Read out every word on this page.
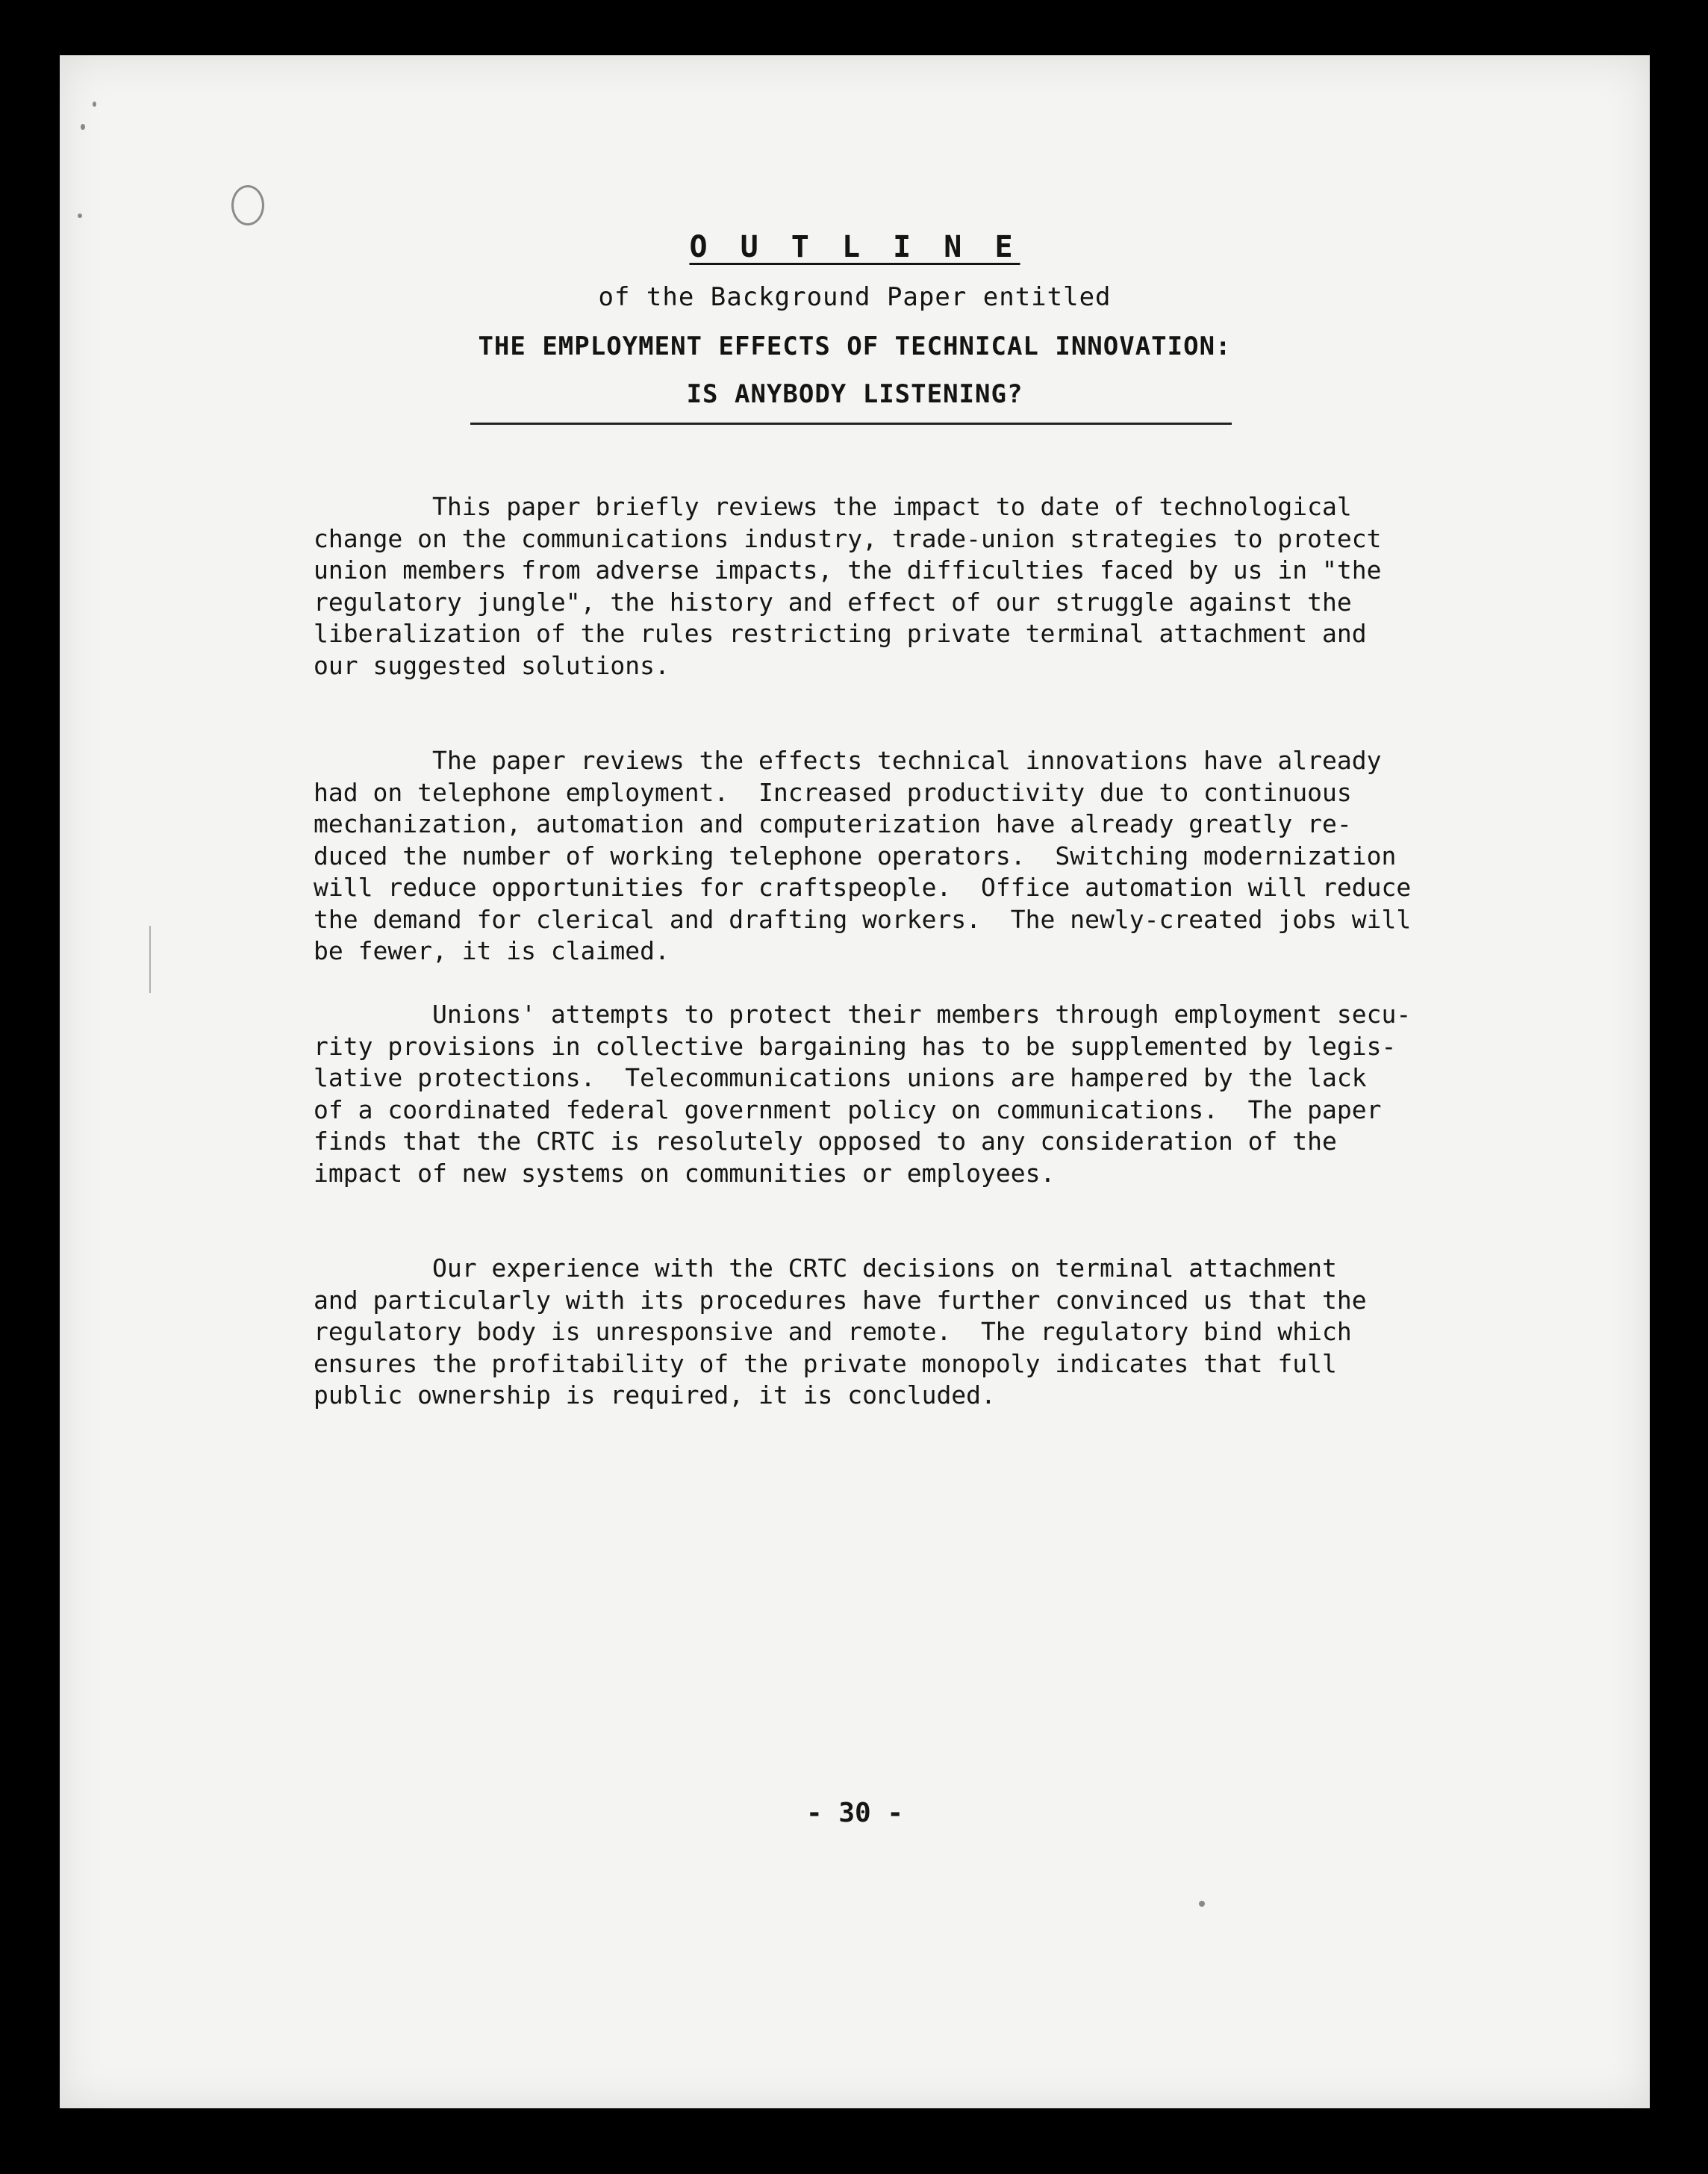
O U T L I N E
of the Background Paper entitled
THE EMPLOYMENT EFFECTS OF TECHNICAL INNOVATION:
IS ANYBODY LISTENING?

This paper briefly reviews the impact to date of technological
change on the communications industry, trade-union strategies to protect
union members from adverse impacts, the difficulties faced by us in "the
regulatory jungle", the history and effect of our struggle against the
liberalization of the rules restricting private terminal attachment and
our suggested solutions.

The paper reviews the effects technical innovations have already
had on telephone employment.  Increased productivity due to continuous
mechanization, automation and computerization have already greatly re-
duced the number of working telephone operators.  Switching modernization
will reduce opportunities for craftspeople.  Office automation will reduce
the demand for clerical and drafting workers.  The newly-created jobs will
be fewer, it is claimed.

Unions' attempts to protect their members through employment secu-
rity provisions in collective bargaining has to be supplemented by legis-
lative protections.  Telecommunications unions are hampered by the lack
of a coordinated federal government policy on communications.  The paper
finds that the CRTC is resolutely opposed to any consideration of the
impact of new systems on communities or employees.

Our experience with the CRTC decisions on terminal attachment
and particularly with its procedures have further convinced us that the
regulatory body is unresponsive and remote.  The regulatory bind which
ensures the profitability of the private monopoly indicates that full
public ownership is required, it is concluded.

- 30 -
